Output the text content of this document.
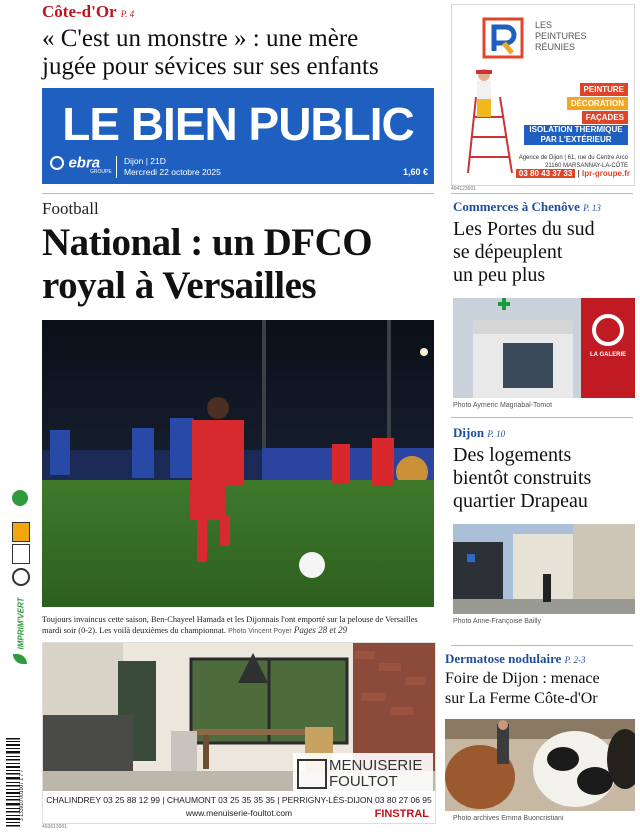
Côte-d'Or P. 4
« C'est un monstre » : une mère
jugée pour sévices sur ses enfants
LE BIEN PUBLIC
ebra
GROUPE
Dijon | 21D
Mercredi 22 octobre 2025	1,60 €
LES
PEINTURES
RÉUNIES
PEINTURE
DÉCORATION
FAÇADES
ISOLATION THERMIQUE PAR L'EXTÉRIEUR
Agence de Dijon | 61, rue du Centre Arco
21160 MARSANNAY-LA-CÔTE
03 80 43 37 33 | lpr-groupe.fr
494123601
Football
National : un DFCO
royal à Versailles
Toujours invaincus cette saison, Ben-Chayeel Hamada et les Dijonnais l'ont emporté sur la pelouse de Versailles mardi soir (0-2). Les voilà deuxièmes du championnat. Photo Vincent Poyer Pages 28 et 29
Commerces à Chenôve P. 13
Les Portes du sud
se dépeuplent
un peu plus
LA GALERIE
Photo Aymeric Magnabal-Tomot
Dijon P. 10
Des logements
bientôt construits
quartier Drapeau
Photo Anne-Françoise Bailly
Dermatose nodulaire P. 2-3
Foire de Dijon : menace
sur La Ferme Côte-d'Or
Photo archives Emma Buoncristiani
MENUISERIE
FOULTOT
CHALINDREY 03 25 88 12 99 | CHAUMONT 03 25 35 35 35 | PERRIGNY-LÈS-DIJON 03 80 27 06 95
www.menuiserie-foultot.com	FINSTRAL
493613001
IMPRIM'VERT
3 133910 001007 1 7 7
